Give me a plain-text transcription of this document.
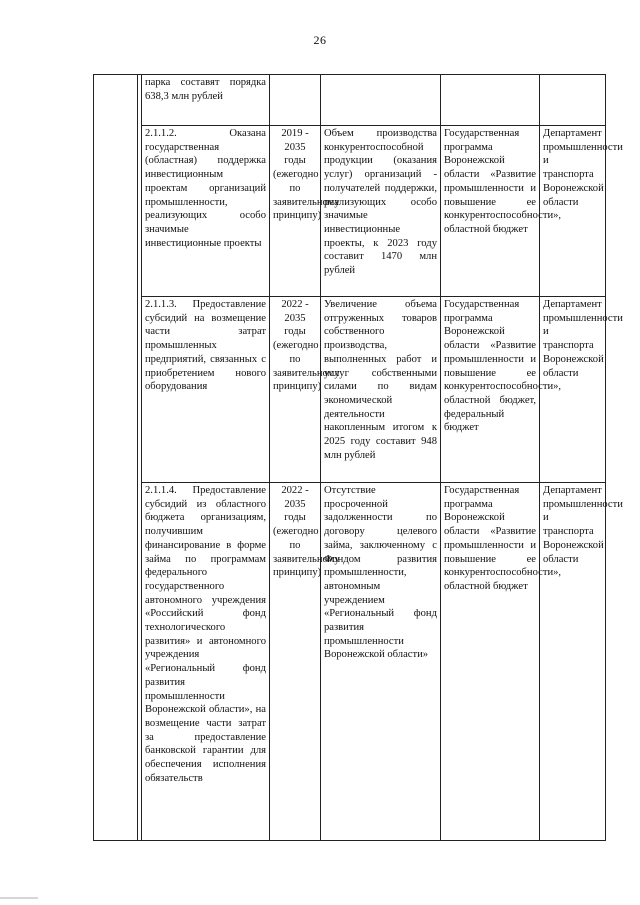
26
		парка составят порядка 638,3 млн рублей				
		2.1.1.2. Оказана государственная (областная) поддержка инвестиционным проектам организаций промышленности, реализующих особо значимые инвестиционные проекты	2019 - 2035 годы (ежегодно по заявительному принципу)	Объем производства конкурентоспособной продукции (оказания услуг) организаций - получателей поддержки, реализующих особо значимые инвестиционные проекты, к 2023 году составит 1470 млн рублей	Государственная программа Воронежской области «Развитие промышленности и повышение ее конкурентоспособности», областной бюджет	Департамент промышленности и транспорта Воронежской области
		2.1.1.3. Предоставление субсидий на возмещение части затрат промышленных предприятий, связанных с приобретением нового оборудования	2022 - 2035 годы (ежегодно по заявительному принципу)	Увеличение объема отгруженных товаров собственного производства, выполненных работ и услуг собственными силами по видам экономической деятельности накопленным итогом к 2025 году составит 948 млн рублей	Государственная программа Воронежской области «Развитие промышленности и повышение ее конкурентоспособности», областной бюджет, федеральный бюджет	Департамент промышленности и транспорта Воронежской области
		2.1.1.4. Предоставление субсидий из областного бюджета организациям, получившим финансирование в форме займа по программам федерального государственного автономного учреждения «Российский фонд технологического развития» и автономного учреждения «Региональный фонд развития промышленности Воронежской области», на возмещение части затрат за предоставление банковской гарантии для обеспечения исполнения обязательств	2022 - 2035 годы (ежегодно по заявительному принципу)	Отсутствие просроченной задолженности по договору целевого займа, заключенному с Фондом развития промышленности, автономным учреждением «Региональный фонд развития промышленности Воронежской области»	Государственная программа Воронежской области «Развитие промышленности и повышение ее конкурентоспособности», областной бюджет	Департамент промышленности и транспорта Воронежской области
